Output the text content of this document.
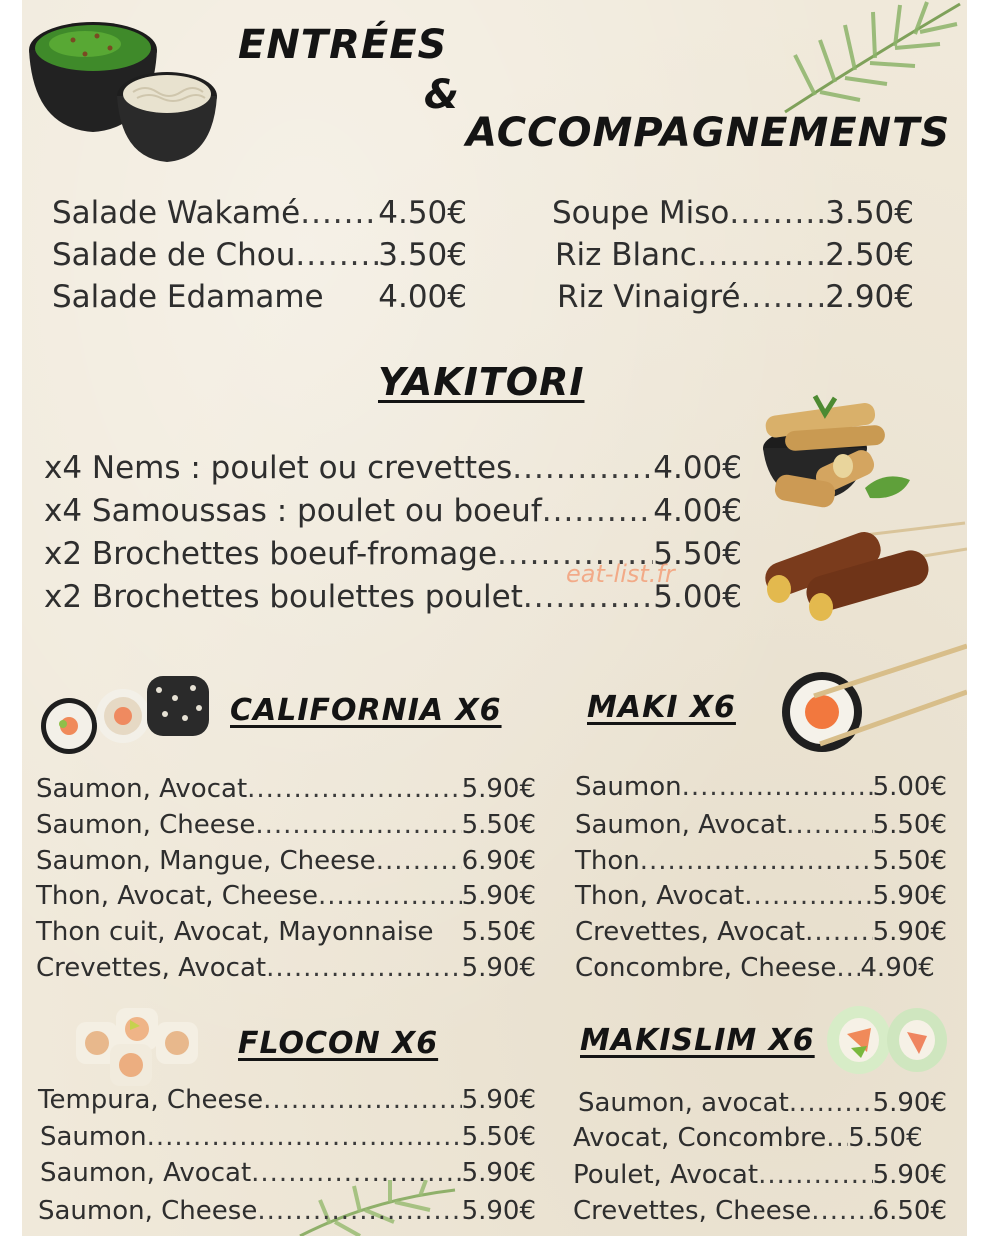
ENTRÉES
&
ACCOMPAGNEMENTS
YAKITORI
CALIFORNIA X6	MAKI X6
FLOCON X6	MAKISLIM X6
Salade Wakamé .....	4.50€
Salade de Chou .....	3.50€
Salade Edamame 4.00€
Soupe Miso .....	3.50€
Riz Blanc .....	2.50€
Riz Vinaigré .....	2.90€
x4 Nems : poulet ou crevettes .....	4.00€
x4 Samoussas : poulet ou boeuf .....	4.00€
x2 Brochettes boeuf-fromage .....	5.50€
x2 Brochettes boulettes poulet .....	5.00€
eat-list.fr
Saumon, Avocat .....	5.90€
Saumon, Cheese .....	5.50€
Saumon, Mangue, Cheese .....	6.90€
Thon, Avocat, Cheese .....	5.90€
Thon cuit, Avocat, Mayonnaise 5.50€
Crevettes, Avocat .....	5.90€
Saumon .....	5.00€
Saumon, Avocat .....	5.50€
Thon .....	5.50€
Thon, Avocat .....	5.90€
Crevettes, Avocat .....	5.90€
Concombre, Cheese ..... 4.90€
Tempura, Cheese .....	5.90€
Saumon .....	5.50€
Saumon, Avocat .....	5.90€
Saumon, Cheese .....	5.90€
Saumon, avocat .....	5.90€
Avocat, Concombre ..... 5.50€
Poulet, Avocat .....	5.90€
Crevettes, Cheese ..... 6.50€
